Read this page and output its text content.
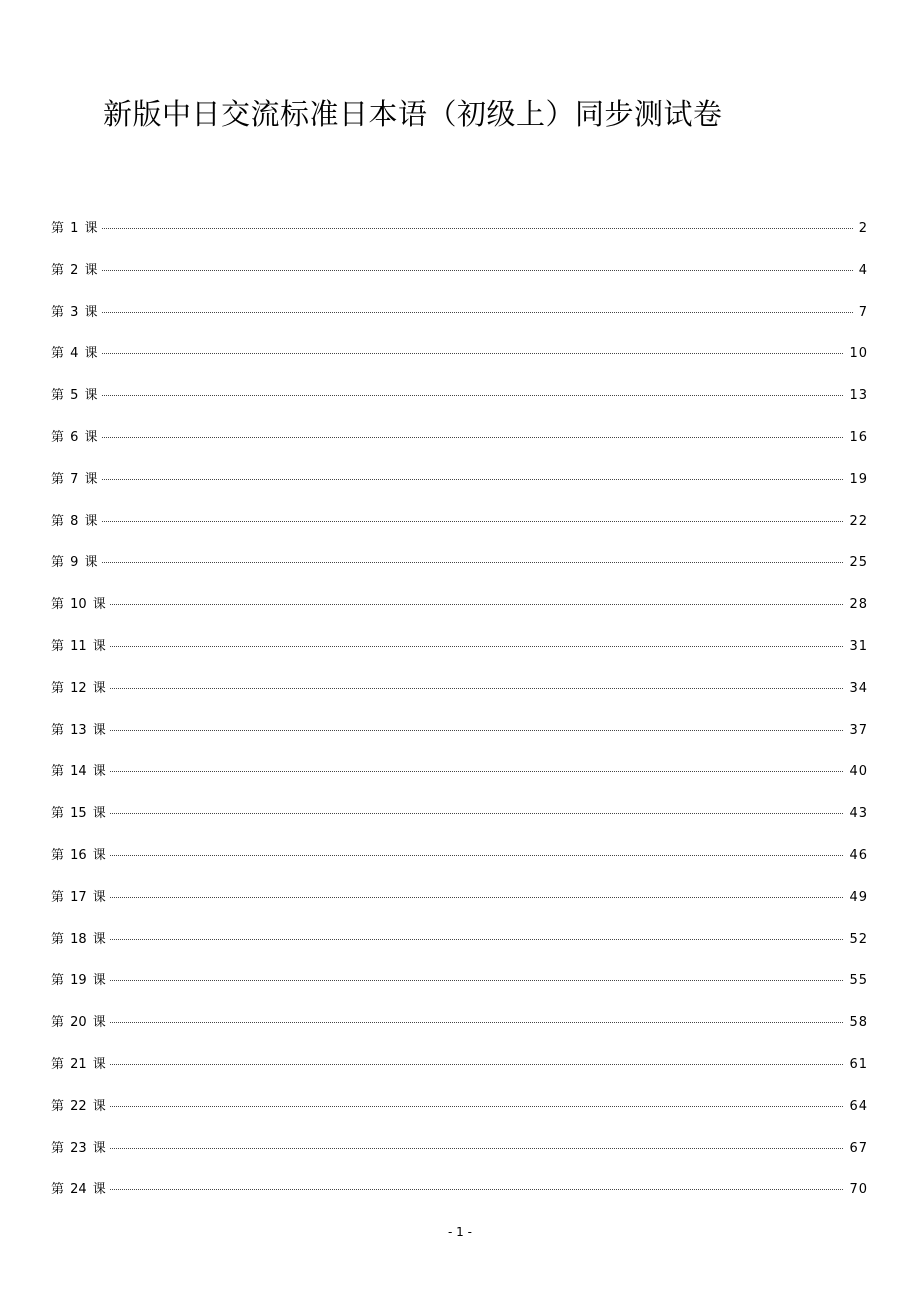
新版中日交流标准日本语（初级上）同步测试卷
第 1 课	2
第 2 课	4
第 3 课	7
第 4 课	10
第 5 课	13
第 6 课	16
第 7 课	19
第 8 课	22
第 9 课	25
第 10 课	28
第 11 课	31
第 12 课	34
第 13 课	37
第 14 课	40
第 15 课	43
第 16 课	46
第 17 课	49
第 18 课	52
第 19 课	55
第 20 课	58
第 21 课	61
第 22 课	64
第 23 课	67
第 24 课	70
- 1 -
